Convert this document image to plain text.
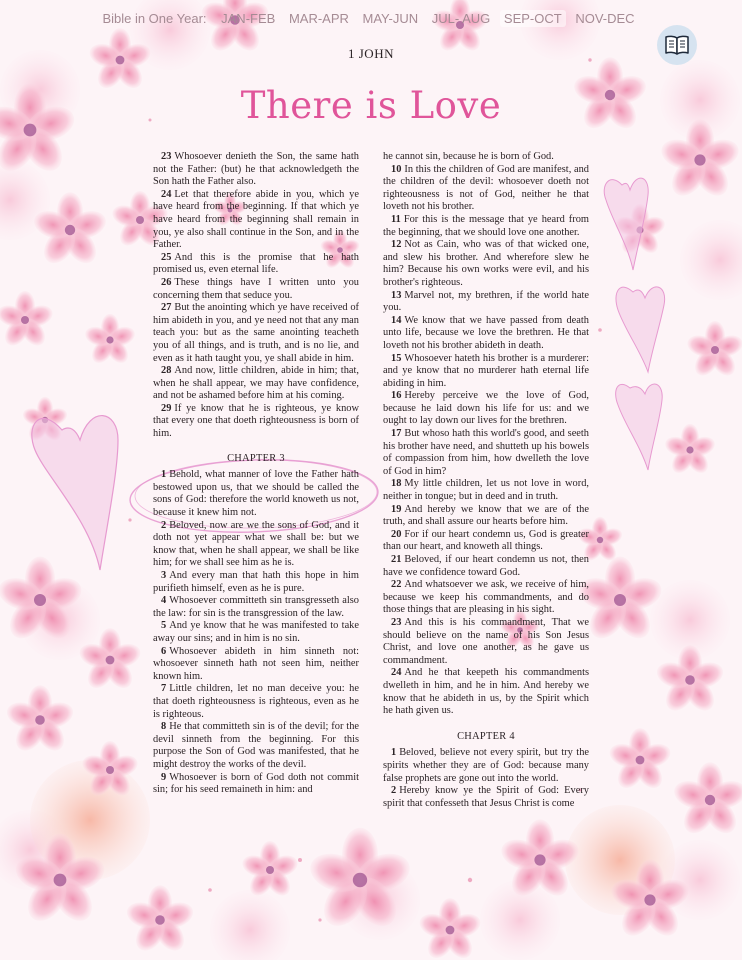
Bible in One Year: JAN-FEB MAR-APR MAY-JUN JUL- AUG SEP-OCT NOV-DEC
1 JOHN
There is Love

23 Whosoever denieth the Son, the same hath not the Father: (but) he that acknowledgeth the Son hath the Father also.

24 Let that therefore abide in you, which ye have heard from the beginning. If that which ye have heard from the beginning shall remain in you, ye also shall continue in the Son, and in the Father.

25 And this is the promise that he hath promised us, even eternal life.

26 These things have I written unto you concerning them that seduce you.

27 But the anointing which ye have received of him abideth in you, and ye need not that any man teach you: but as the same anointing teacheth you of all things, and is truth, and is no lie, and even as it hath taught you, ye shall abide in him.

28 And now, little children, abide in him; that, when he shall appear, we may have confidence, and not be ashamed before him at his coming.

29 If ye know that he is righteous, ye know that every one that doeth righteousness is born of him.

CHAPTER 3

1 Behold, what manner of love the Father hath bestowed upon us, that we should be called the sons of God: therefore the world knoweth us not, because it knew him not.

2 Beloved, now are we the sons of God, and it doth not yet appear what we shall be: but we know that, when he shall appear, we shall be like him; for we shall see him as he is.

3 And every man that hath this hope in him purifieth himself, even as he is pure.

4 Whosoever committeth sin transgresseth also the law: for sin is the transgression of the law.

5 And ye know that he was manifested to take away our sins; and in him is no sin.

6 Whosoever abideth in him sinneth not: whosoever sinneth hath not seen him, neither known him.

7 Little children, let no man deceive you: he that doeth righteousness is righteous, even as he is righteous.

8 He that committeth sin is of the devil; for the devil sinneth from the beginning. For this purpose the Son of God was manifested, that he might destroy the works of the devil.

9 Whosoever is born of God doth not commit sin; for his seed remaineth in him: and

he cannot sin, because he is born of God.

10 In this the children of God are manifest, and the children of the devil: whosoever doeth not righteousness is not of God, neither he that loveth not his brother.

11 For this is the message that ye heard from the beginning, that we should love one another.

12 Not as Cain, who was of that wicked one, and slew his brother. And wherefore slew he him? Because his own works were evil, and his brother's righteous.

13 Marvel not, my brethren, if the world hate you.

14 We know that we have passed from death unto life, because we love the brethren. He that loveth not his brother abideth in death.

15 Whosoever hateth his brother is a murderer: and ye know that no murderer hath eternal life abiding in him.

16 Hereby perceive we the love of God, because he laid down his life for us: and we ought to lay down our lives for the brethren.

17 But whoso hath this world's good, and seeth his brother have need, and shutteth up his bowels of compassion from him, how dwelleth the love of God in him?

18 My little children, let us not love in word, neither in tongue; but in deed and in truth.

19 And hereby we know that we are of the truth, and shall assure our hearts before him.

20 For if our heart condemn us, God is greater than our heart, and knoweth all things.

21 Beloved, if our heart condemn us not, then have we confidence toward God.

22 And whatsoever we ask, we receive of him, because we keep his commandments, and do those things that are pleasing in his sight.

23 And this is his commandment, That we should believe on the name of his Son Jesus Christ, and love one another, as he gave us commandment.

24 And he that keepeth his commandments dwelleth in him, and he in him. And hereby we know that he abideth in us, by the Spirit which he hath given us.

CHAPTER 4

1 Beloved, believe not every spirit, but try the spirits whether they are of God: because many false prophets are gone out into the world.

2 Hereby know ye the Spirit of God: Every spirit that confesseth that Jesus Christ is come
